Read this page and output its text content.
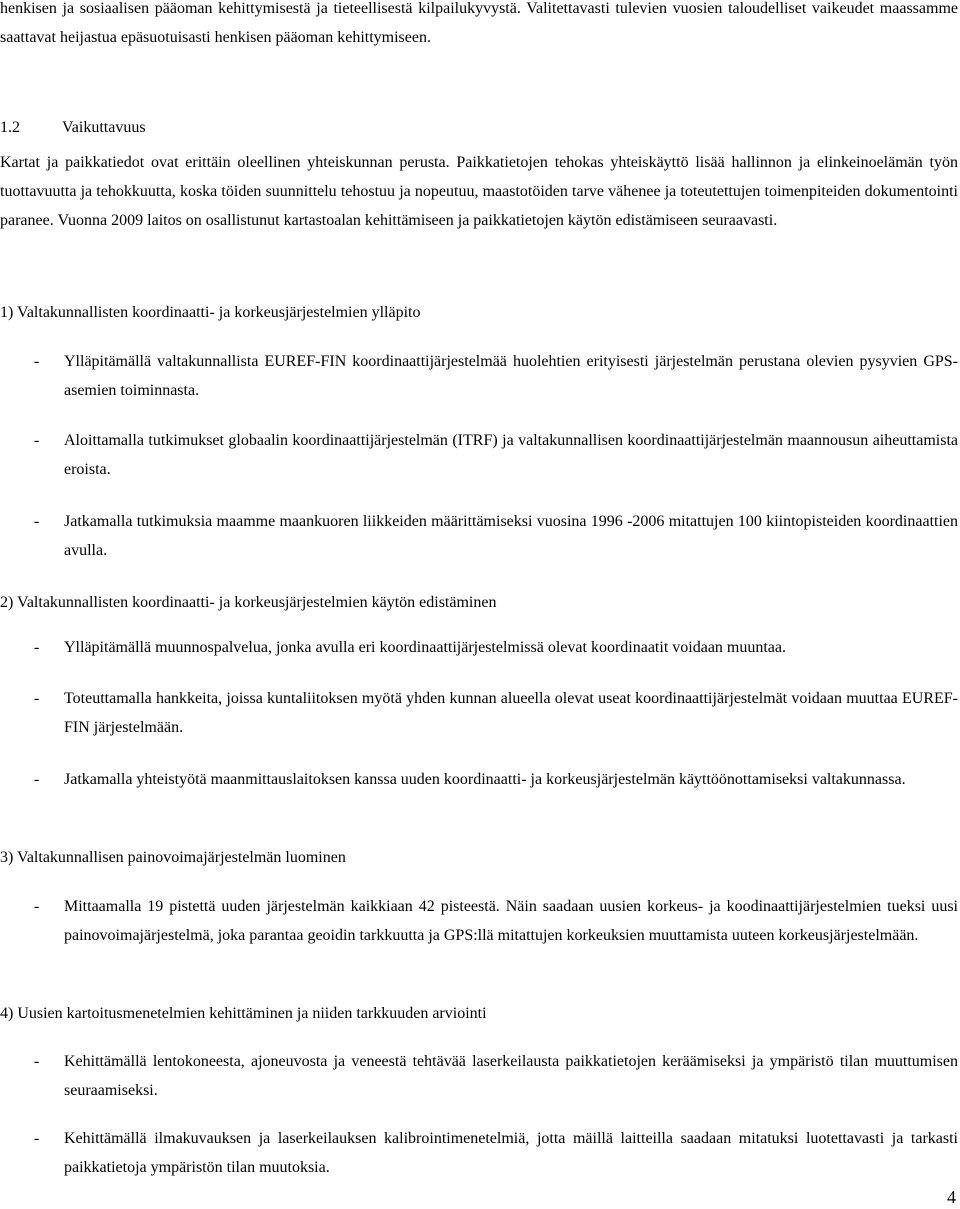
henkisen ja sosiaalisen pääoman kehittymisestä ja tieteellisestä kilpailukyvystä. Valitettavasti tulevien vuosien taloudelliset vaikeudet maassamme saattavat heijastua epäsuotuisasti henkisen pääoman kehittymiseen.

1.2	Vaikuttavuus

Kartat ja paikkatiedot ovat erittäin oleellinen yhteiskunnan perusta. Paikkatietojen tehokas yhteiskäyttö lisää hallinnon ja elinkeinoelämän työn tuottavuutta ja tehokkuutta, koska töiden suunnittelu tehostuu ja nopeutuu, maastotöiden tarve vähenee ja toteutettujen toimenpiteiden dokumentointi paranee. Vuonna 2009 laitos on osallistunut kartastoalan kehittämiseen ja paikkatietojen käytön edistämiseen seuraavasti.

1) Valtakunnallisten koordinaatti- ja korkeusjärjestelmien ylläpito

- Ylläpitämällä valtakunnallista EUREF-FIN koordinaattijärjestelmää huolehtien erityisesti järjestelmän perustana olevien pysyvien GPS-asemien toiminnasta.
- Aloittamalla tutkimukset globaalin koordinaattijärjestelmän (ITRF) ja valtakunnallisen koordinaattijärjestelmän maannousun aiheuttamista eroista.
- Jatkamalla tutkimuksia maamme maankuoren liikkeiden määrittämiseksi vuosina 1996 -2006 mitattujen 100 kiintopisteiden koordinaattien avulla.

2) Valtakunnallisten koordinaatti- ja korkeusjärjestelmien käytön edistäminen

- Ylläpitämällä muunnospalvelua, jonka avulla eri koordinaattijärjestelmissä olevat koordinaatit voidaan muuntaa.
- Toteuttamalla hankkeita, joissa kuntaliitoksen myötä yhden kunnan alueella olevat useat koordinaattijärjestelmät voidaan muuttaa EUREF-FIN järjestelmään.
- Jatkamalla yhteistyötä maanmittauslaitoksen kanssa uuden koordinaatti- ja korkeusjärjestelmän käyttöönottamiseksi valtakunnassa.

3) Valtakunnallisen painovoimajärjestelmän luominen

- Mittaamalla 19 pistettä uuden järjestelmän kaikkiaan 42 pisteestä. Näin saadaan uusien korkeus- ja koodinaattijärjestelmien tueksi uusi painovoimajärjestelmä, joka parantaa geoidin tarkkuutta ja GPS:llä mitattujen korkeuksien muuttamista uuteen korkeusjärjestelmään.

4) Uusien kartoitusmenetelmien kehittäminen ja niiden tarkkuuden arviointi

- Kehittämällä lentokoneesta, ajoneuvosta ja veneestä tehtävää laserkeilausta paikkatietojen keräämiseksi ja ympäristö tilan muuttumisen seuraamiseksi.
- Kehittämällä ilmakuvauksen ja laserkeilauksen kalibrointimenetelmiä, jotta mäillä laitteilla saadaan mitatuksi luotettavasti ja tarkasti paikkatietoja ympäristön tilan muutoksia.
4
